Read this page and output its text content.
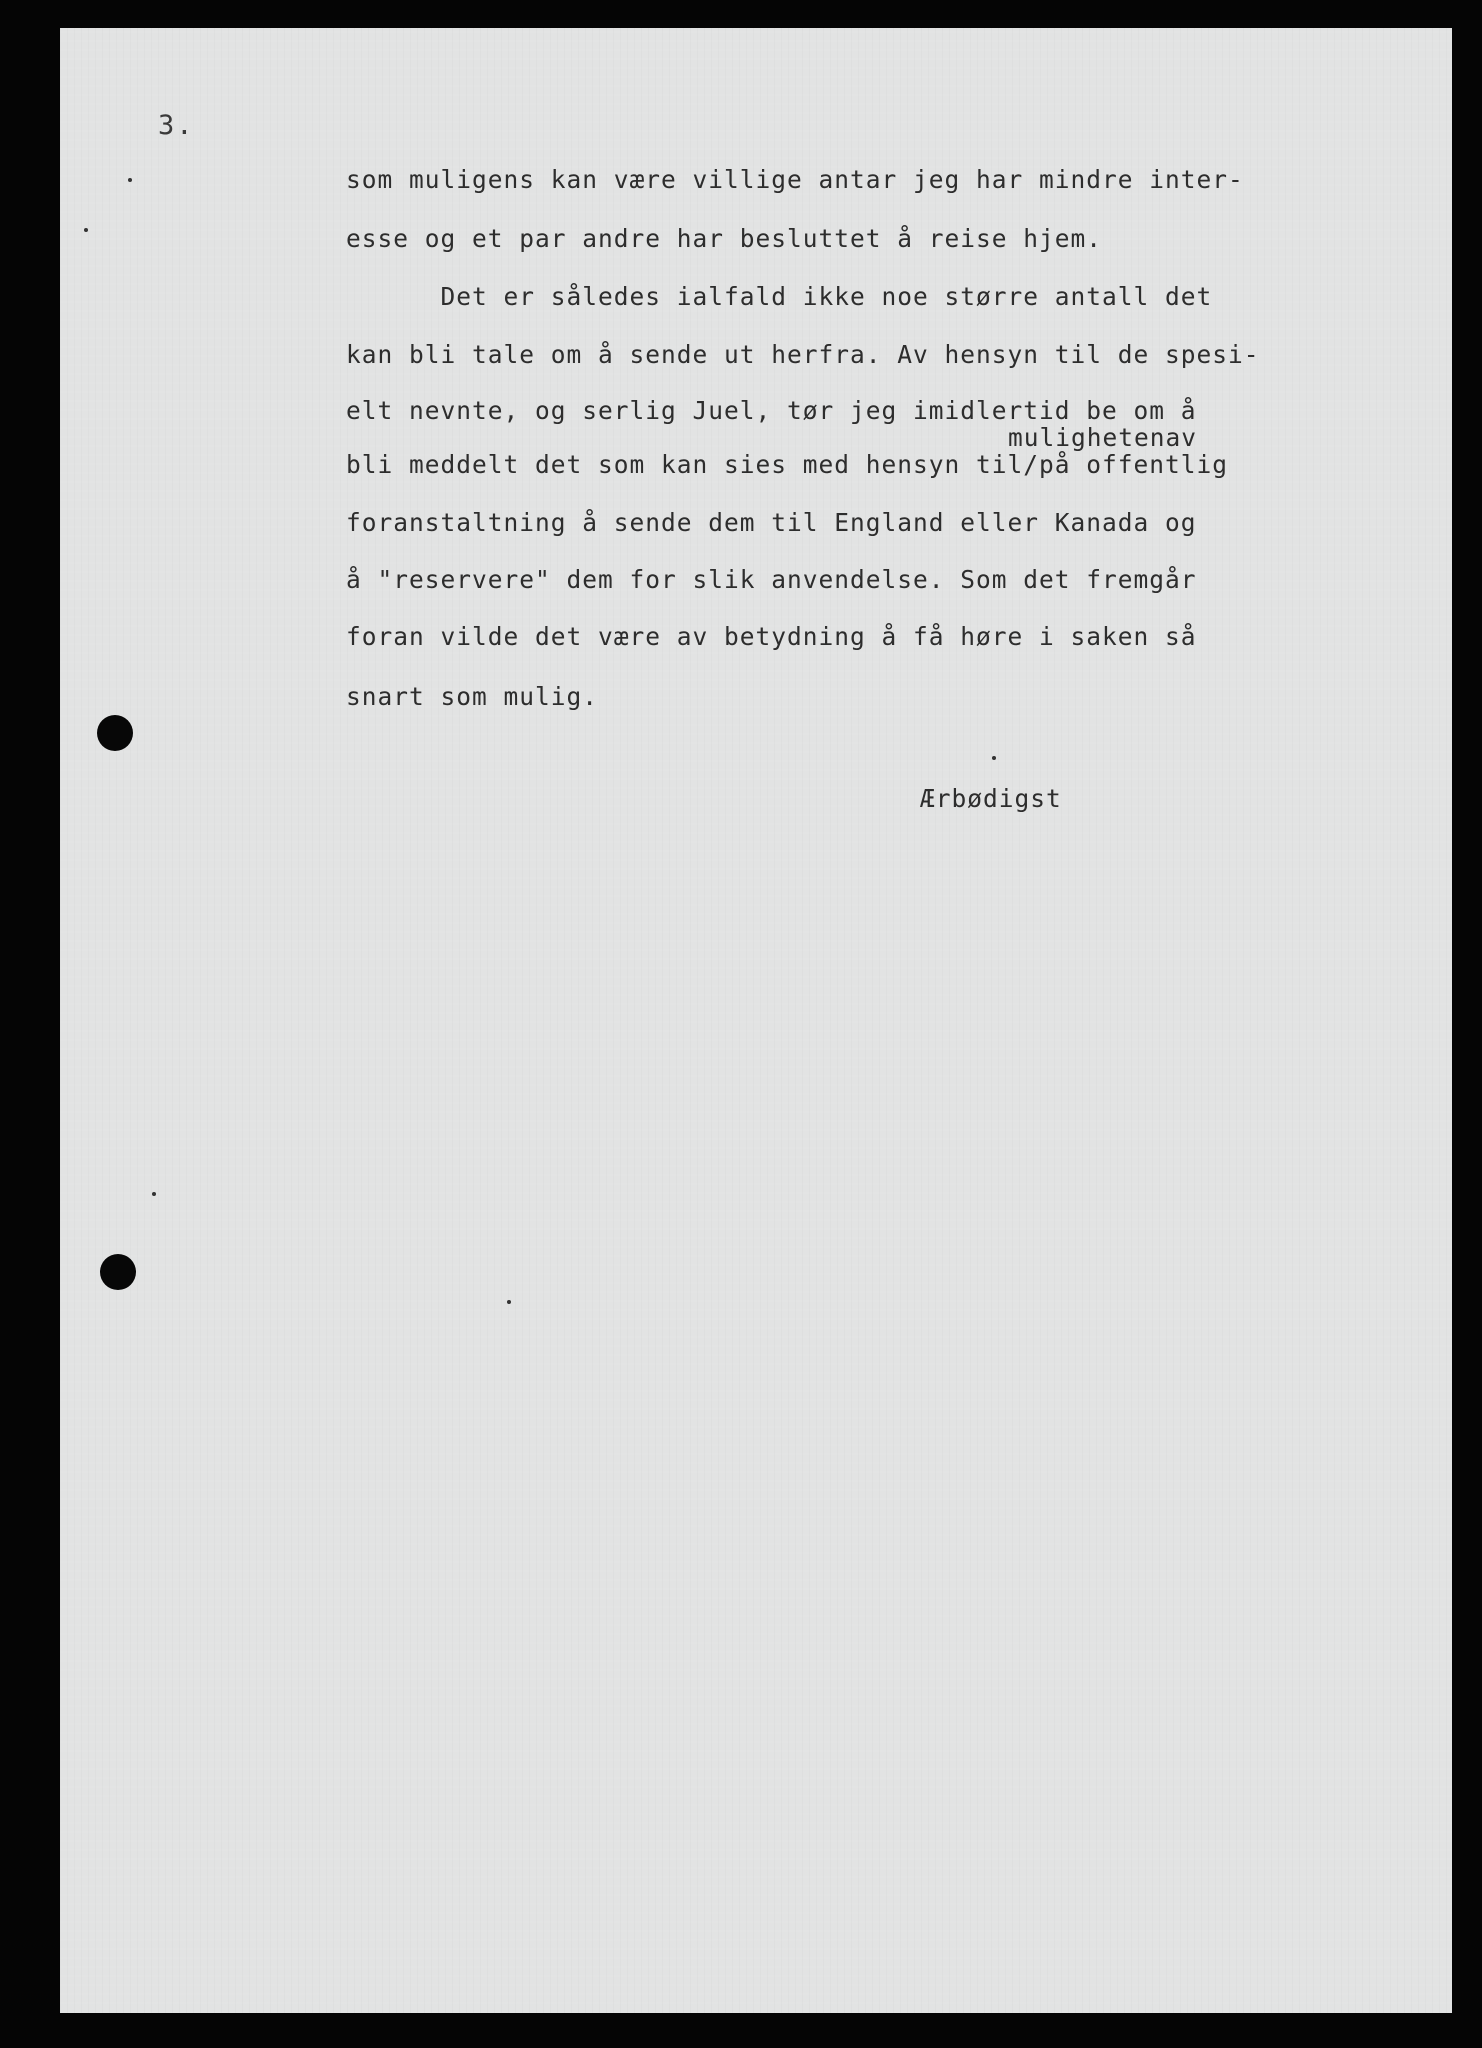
3.
som muligens kan være villige antar jeg har mindre inter-
esse og et par andre har besluttet å reise hjem.
Det er således ialfald ikke noe større antall det
kan bli tale om å sende ut herfra. Av hensyn til de spesi-
elt nevnte, og serlig Juel, tør jeg imidlertid be om å
mulighetenav
bli meddelt det som kan sies med hensyn til/på offentlig
foranstaltning å sende dem til England eller Kanada og
å "reservere" dem for slik anvendelse. Som det fremgår
foran vilde det være av betydning å få høre i saken så
snart som mulig.
Ærbødigst
